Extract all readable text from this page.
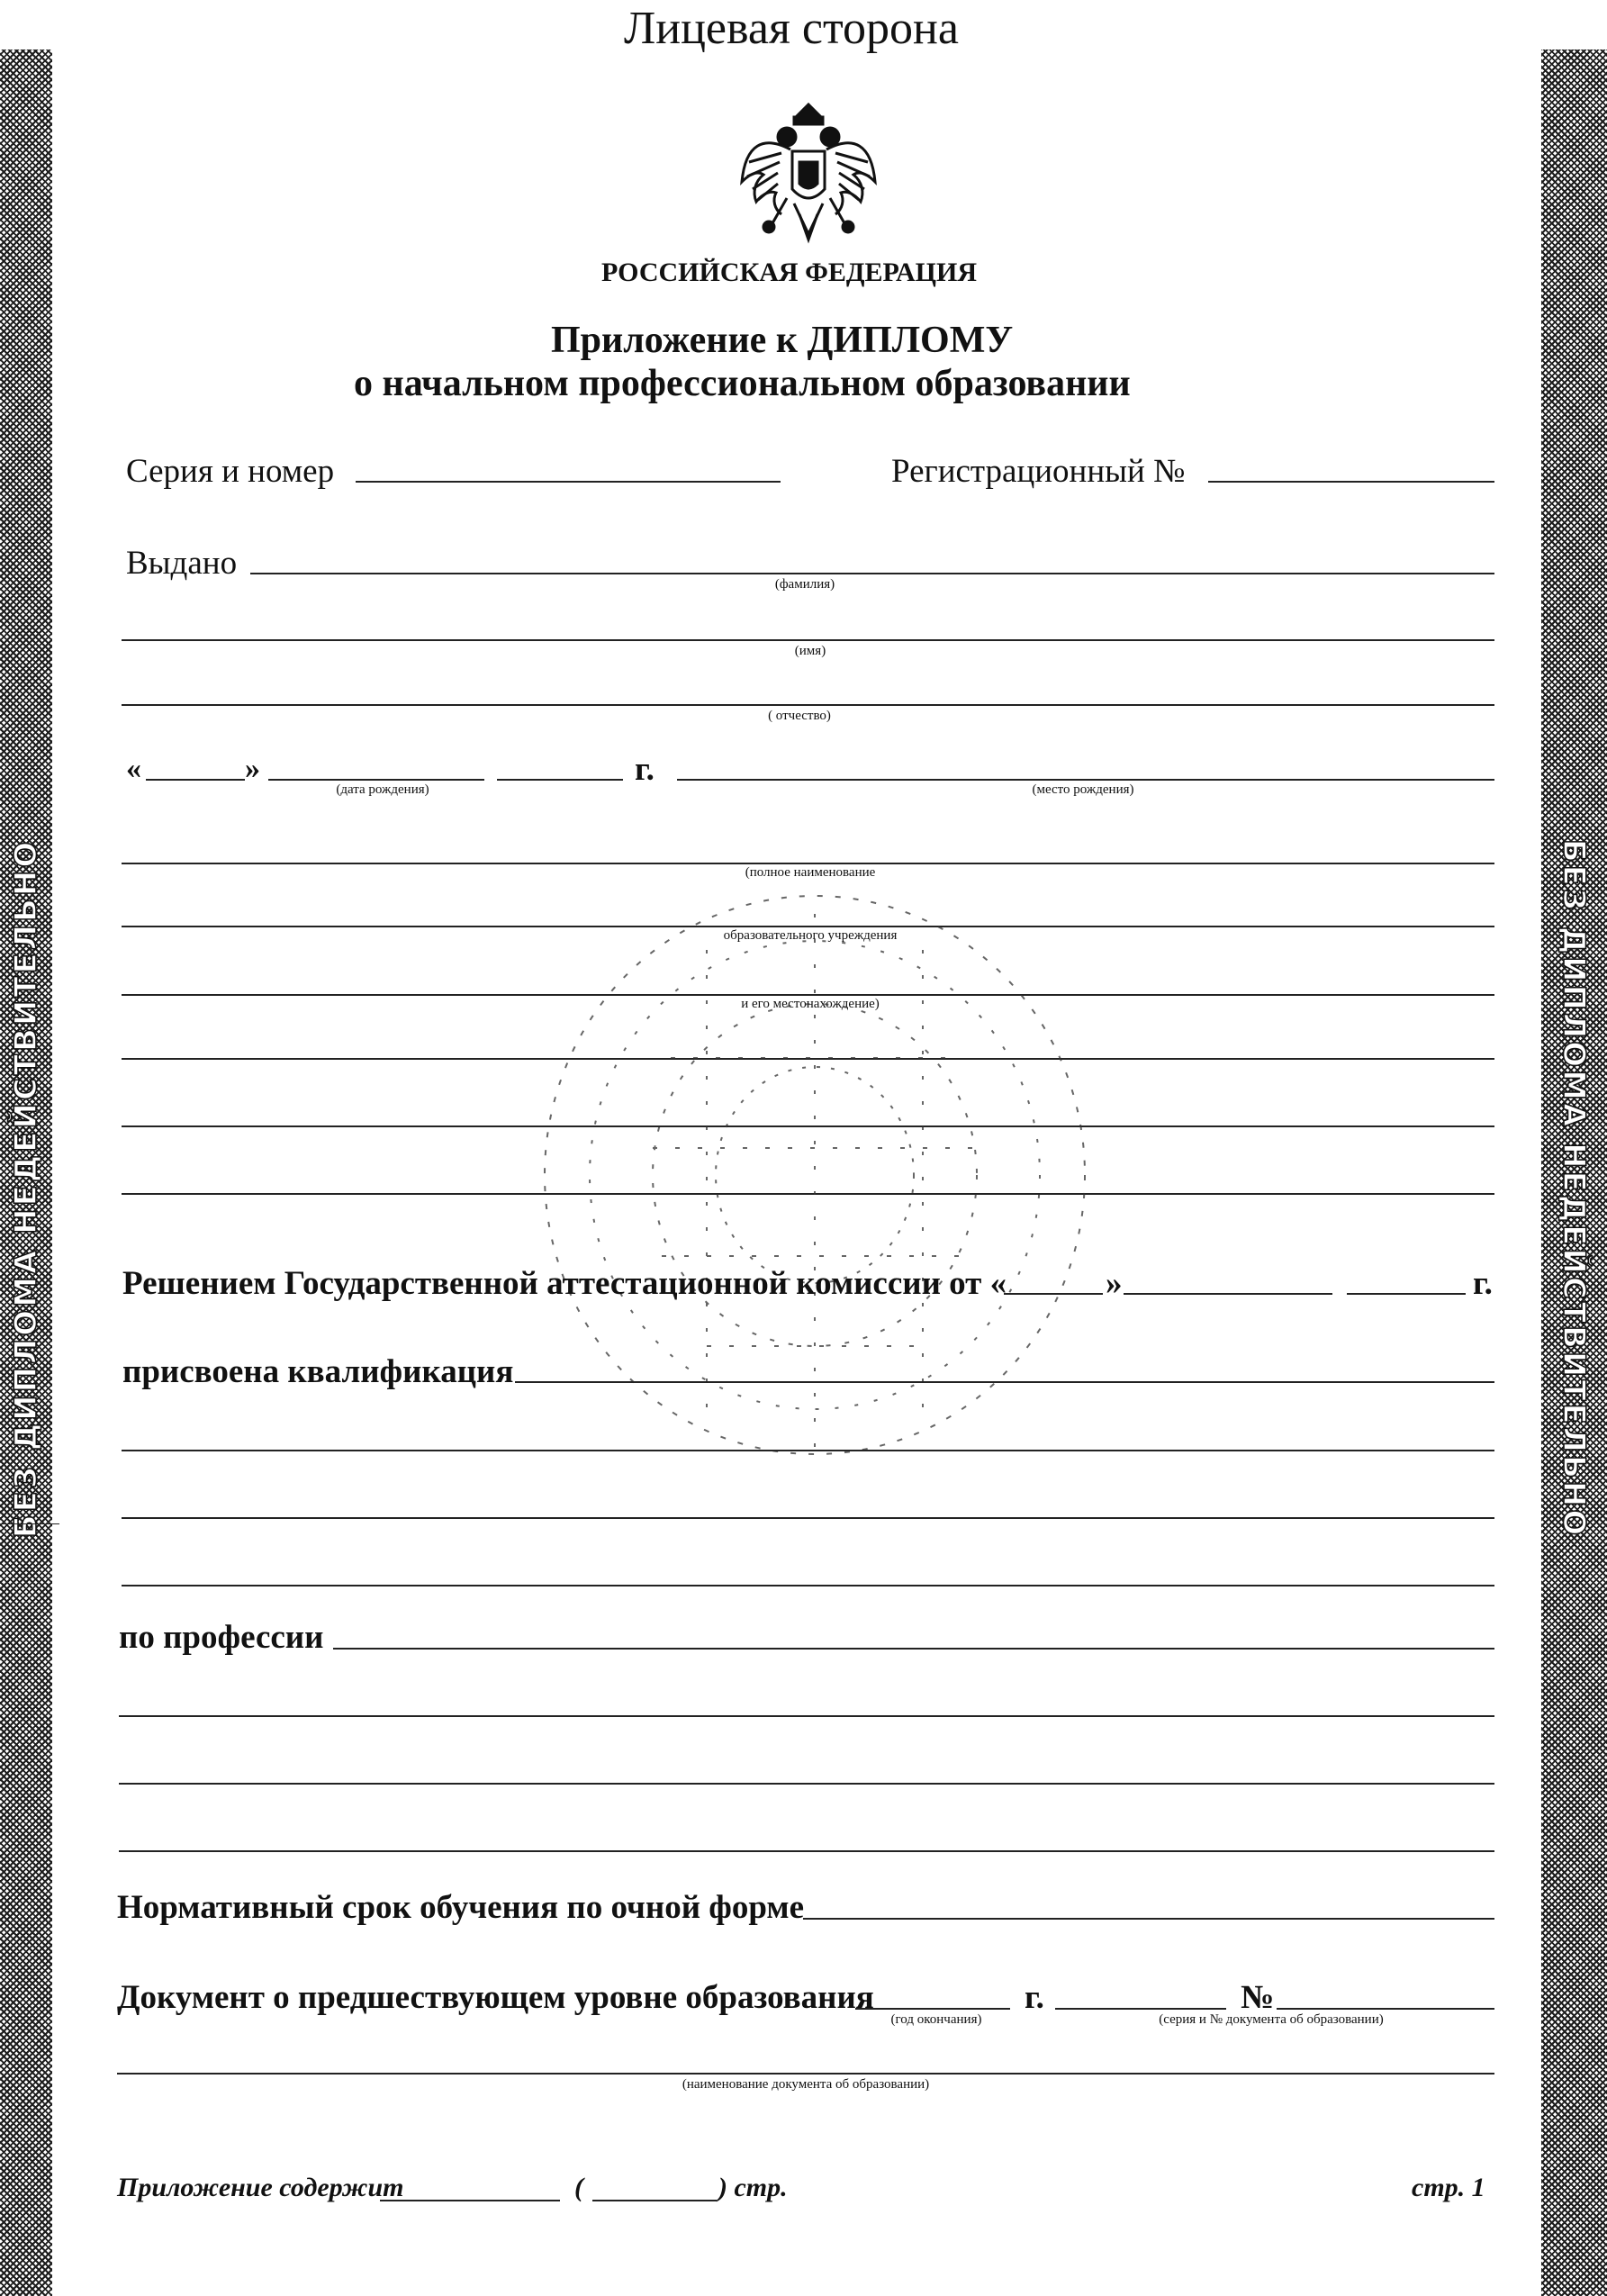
БЕЗ ДИПЛОМА НЕДЕЙСТВИТЕЛЬНО	БЕЗ ДИПЛОМА НЕДЕЙСТВИТЕЛЬНО
Лицевая сторона
РОССИЙСКАЯ ФЕДЕРАЦИЯ
Приложение к ДИПЛОМУ
о начальном профессиональном образовании
Серия и номер	Регистрационный №
Выдано
(фамилия)
(имя)
( отчество)
«	»
(дата рождения)
г.
(место рождения)
(полное наименование
образовательного учреждения
и его местонахождение)
Решением Государственной аттестационной комиссии от «	»	г.
присвоена квалификация
по профессии
Нормативный срок обучения по очной форме
Документ о предшествующем уровне образования
(год окончания)
г.	№
(серия и № документа об образовании)
(наименование документа об образовании)
Приложение содержит	(	) стр.	стр. 1
